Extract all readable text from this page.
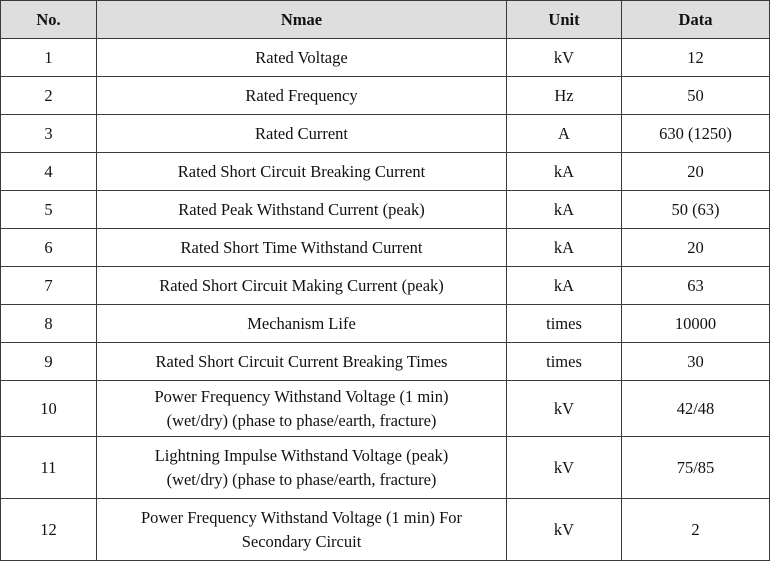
No.	Nmae	Unit	Data
1	Rated Voltage	kV	12
2	Rated Frequency	Hz	50
3	Rated Current	A	630 (1250)
4	Rated Short Circuit Breaking Current	kA	20
5	Rated Peak Withstand Current (peak)	kA	50 (63)
6	Rated Short Time Withstand Current	kA	20
7	Rated Short Circuit Making Current (peak)	kA	63
8	Mechanism Life	times	10000
9	Rated Short Circuit Current Breaking Times	times	30
10	Power Frequency Withstand Voltage (1 min)
(wet/dry) (phase to phase/earth, fracture)	kV	42/48
11	Lightning Impulse Withstand Voltage (peak)
(wet/dry) (phase to phase/earth, fracture)	kV	75/85
12	Power Frequency Withstand Voltage (1 min) For
Secondary Circuit	kV	2
